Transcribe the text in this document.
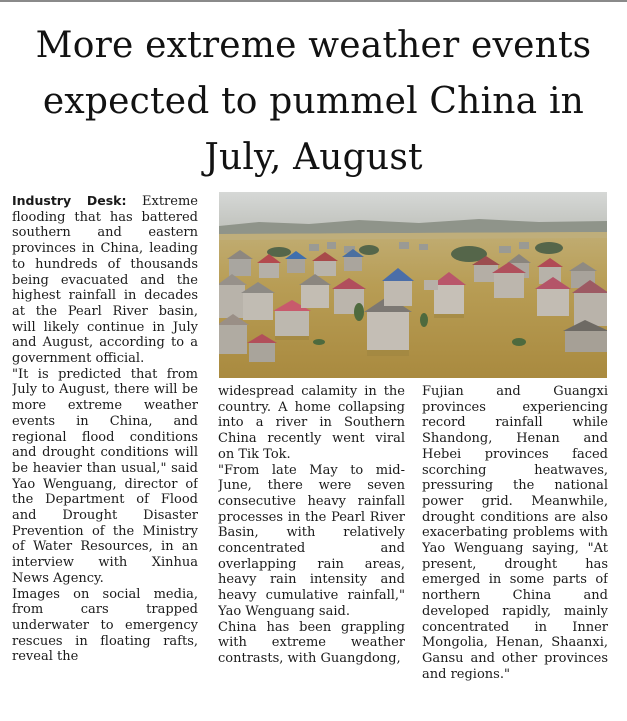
More extreme weather events expected to pummel China in July, August

Industry Desk: Extreme flooding that has battered southern and eastern provinces in China, leading to hundreds of thousands being evacuated and the highest rainfall in decades at the Pearl River basin, will likely continue in July and August, according to a government official.

"It is predicted that from July to August, there will be more extreme weather events in China, and regional flood conditions and drought conditions will be heavier than usual," said Yao Wenguang, director of the Department of Flood and Drought Disaster Prevention of the Ministry of Water Resources, in an interview with Xinhua News Agency.

Images on social media, from cars trapped underwater to emergency rescues in floating rafts, reveal the

widespread calamity in the country. A home collapsing into a river in Southern China recently went viral on Tik Tok.

"From late May to mid-June, there were seven consecutive heavy rainfall processes in the Pearl River Basin, with relatively concentrated and overlapping rain areas, heavy rain intensity and heavy cumulative rainfall," Yao Wenguang said.

China has been grappling with extreme weather contrasts, with Guangdong,

Fujian and Guangxi provinces experiencing record rainfall while Shandong, Henan and Hebei provinces faced scorching heatwaves, pressuring the national power grid. Meanwhile, drought conditions are also exacerbating problems with Yao Wenguang saying, "At present, drought has emerged in some parts of northern China and developed rapidly, mainly concentrated in Inner Mongolia, Henan, Shaanxi, Gansu and other provinces and regions."
